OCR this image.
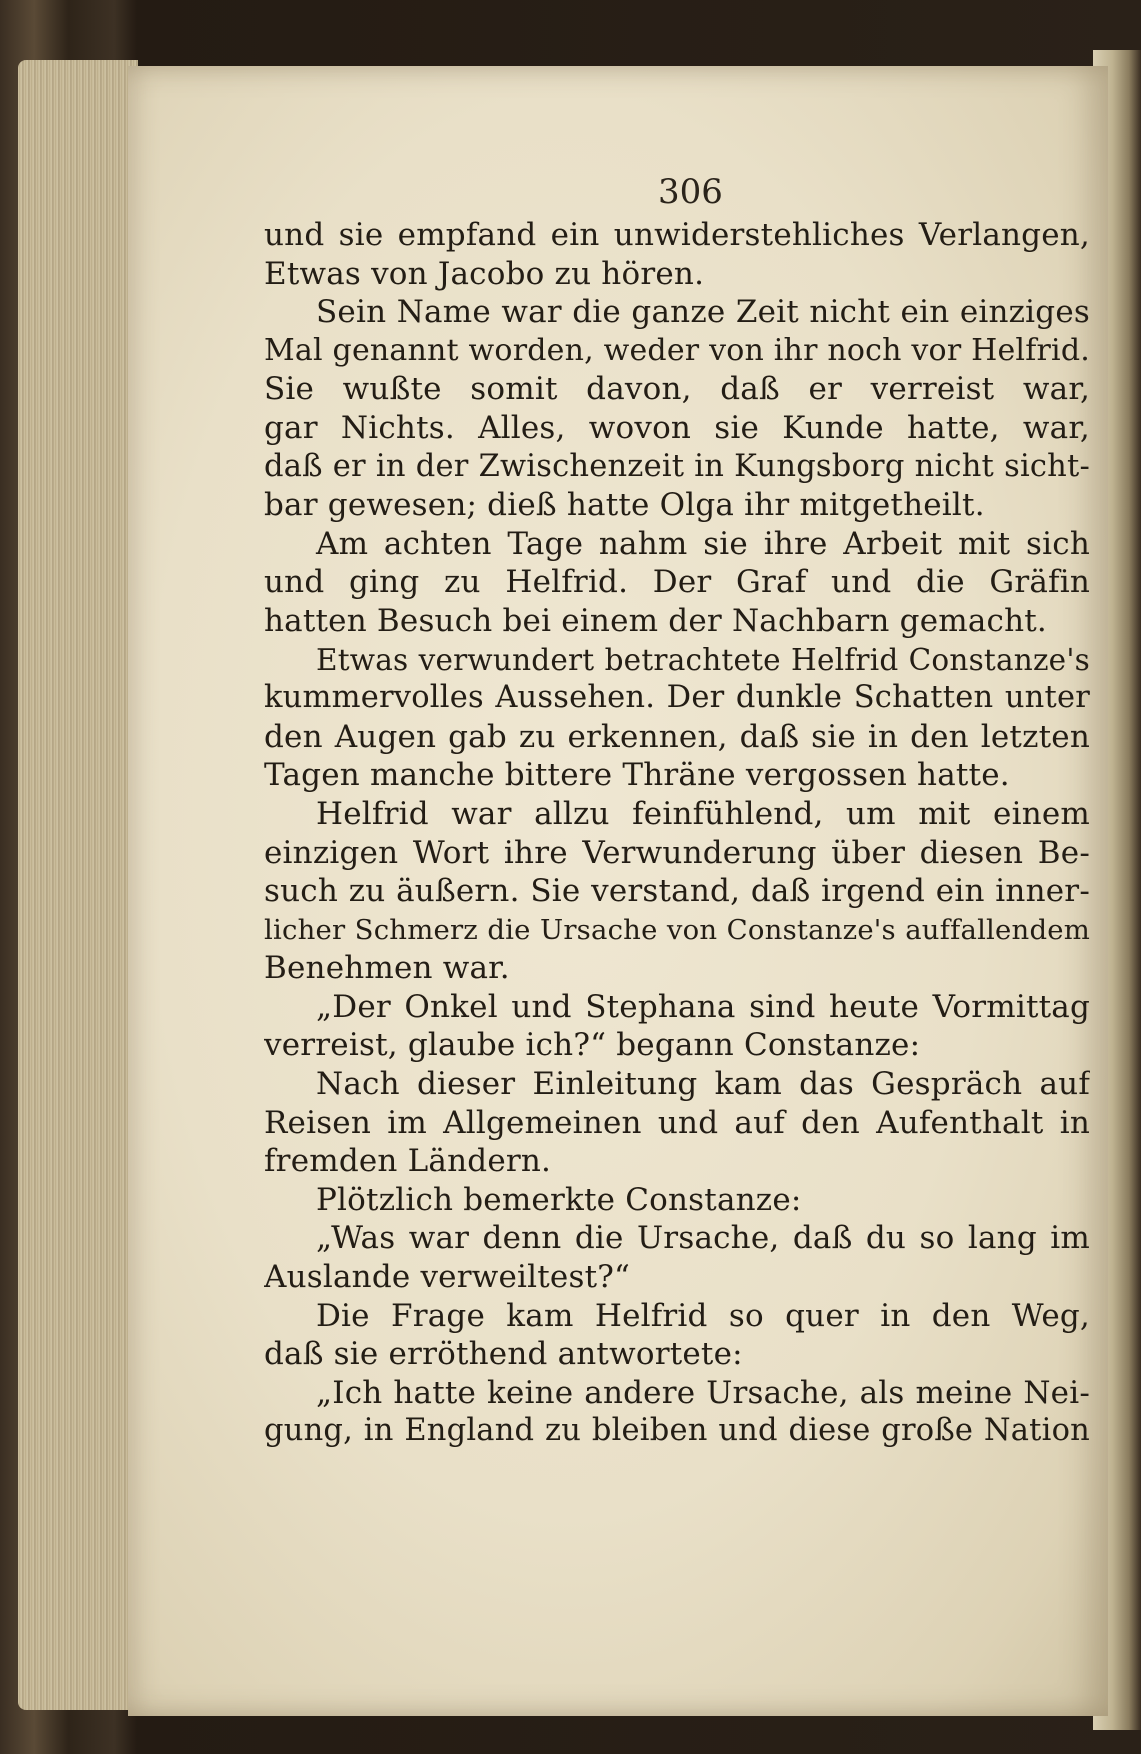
306

und sie empfand ein unwiderstehliches Verlangen,
Etwas von Jacobo zu hören.
Sein Name war die ganze Zeit nicht ein einziges
Mal genannt worden, weder von ihr noch vor Helfrid.
Sie wußte somit davon, daß er verreist war,
gar Nichts. Alles, wovon sie Kunde hatte, war,
daß er in der Zwischenzeit in Kungsborg nicht sicht-
bar gewesen; dieß hatte Olga ihr mitgetheilt.
Am achten Tage nahm sie ihre Arbeit mit sich
und ging zu Helfrid. Der Graf und die Gräfin
hatten Besuch bei einem der Nachbarn gemacht.
Etwas verwundert betrachtete Helfrid Constanze's
kummervolles Aussehen. Der dunkle Schatten unter
den Augen gab zu erkennen, daß sie in den letzten
Tagen manche bittere Thräne vergossen hatte.
Helfrid war allzu feinfühlend, um mit einem
einzigen Wort ihre Verwunderung über diesen Be-
such zu äußern. Sie verstand, daß irgend ein inner-
licher Schmerz die Ursache von Constanze's auffallendem
Benehmen war.
„Der Onkel und Stephana sind heute Vormittag
verreist, glaube ich?“ begann Constanze:
Nach dieser Einleitung kam das Gespräch auf
Reisen im Allgemeinen und auf den Aufenthalt in
fremden Ländern.
Plötzlich bemerkte Constanze:
„Was war denn die Ursache, daß du so lang im
Auslande verweiltest?“
Die Frage kam Helfrid so quer in den Weg,
daß sie erröthend antwortete:
„Ich hatte keine andere Ursache, als meine Nei-
gung, in England zu bleiben und diese große Nation
